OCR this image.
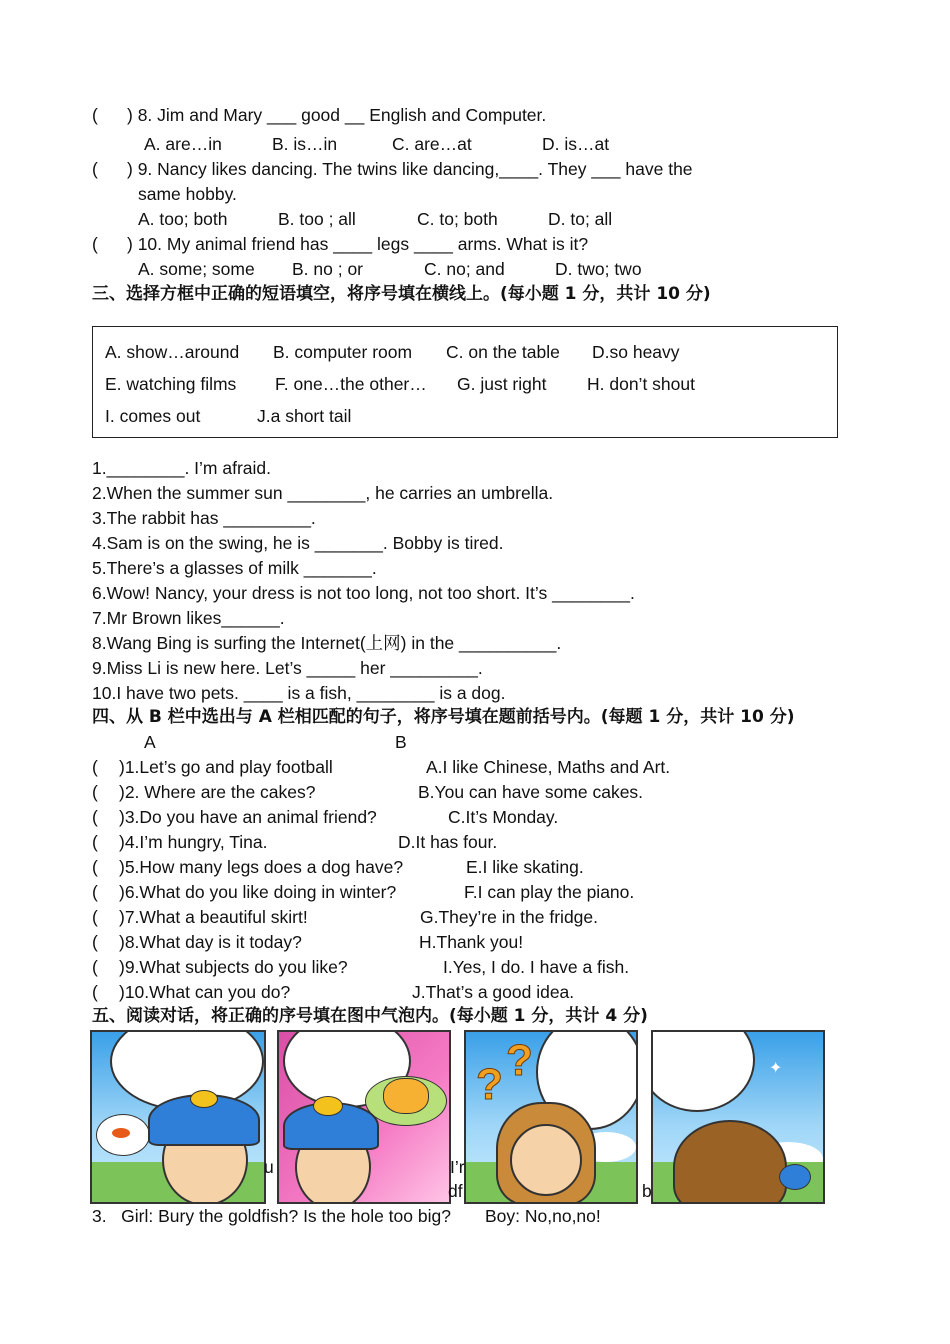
(      ) 8. Jim and Mary ___ good __ English and Computer.
A. are…in	B. is…in	C. are…at	D. is…at
(      ) 9. Nancy likes dancing. The twins like dancing,____. They ___ have the
same hobby.
A. too; both	B. too ; all	C. to; both	D. to; all
(      ) 10. My animal friend has ____ legs ____ arms. What is it?
A. some; some B. no ; or	C. no; and	D. two; two
三、选择方框中正确的短语填空，将序号填在横线上。(每小题 1 分，共计 10 分)
A. show…around B. computer room C. on the table D.so heavy
E. watching films F. one…the other… G. just right H. don’t shout
I. comes out	J.a short tail
1.________. I’m afraid.
2.When the summer sun ________, he carries an umbrella.
3.The rabbit has _________.
4.Sam is on the swing, he is _______. Bobby is tired.
5.There’s a glasses of milk _______.
6.Wow! Nancy, your dress is not too long, not too short. It’s ________.
7.Mr Brown likes______.
8.Wang Bing is surfing the Internet(上网) in the __________.
9.Miss Li is new here. Let’s _____ her _________.
10.I have two pets. ____ is a fish, ________ is a dog.
四、从 B 栏中选出与 A 栏相匹配的句子，将序号填在题前括号内。(每题 1 分，共计 10 分)
A	B
( )1.Let’s go and play football	A.I like Chinese, Maths and Art.
( )2. Where are the cakes?	B.You can have some cakes.
( )3.Do you have an animal friend?	C.It’s Monday.
( )4.I’m hungry, Tina.	D.It has four.
( )5.How many legs does a dog have?	E.I like skating.
( )6.What do you like doing in winter?	F.I can play the piano.
( )7.What a beautiful skirt!	G.They’re in the fridge.
( )8.What day is it today?	H.Thank you!
( )9.What subjects do you like?	I.Yes, I do. I have a fish.
( )10.What can you do?	J.That’s a good idea.
五、阅读对话，将正确的序号填在图中气泡内。(每小题 1 分，共计 4 分)
✦	? ?	✦
u	I’r
df	b
3.   Girl: Bury the goldfish? Is the hole too big?       Boy: No,no,no!
